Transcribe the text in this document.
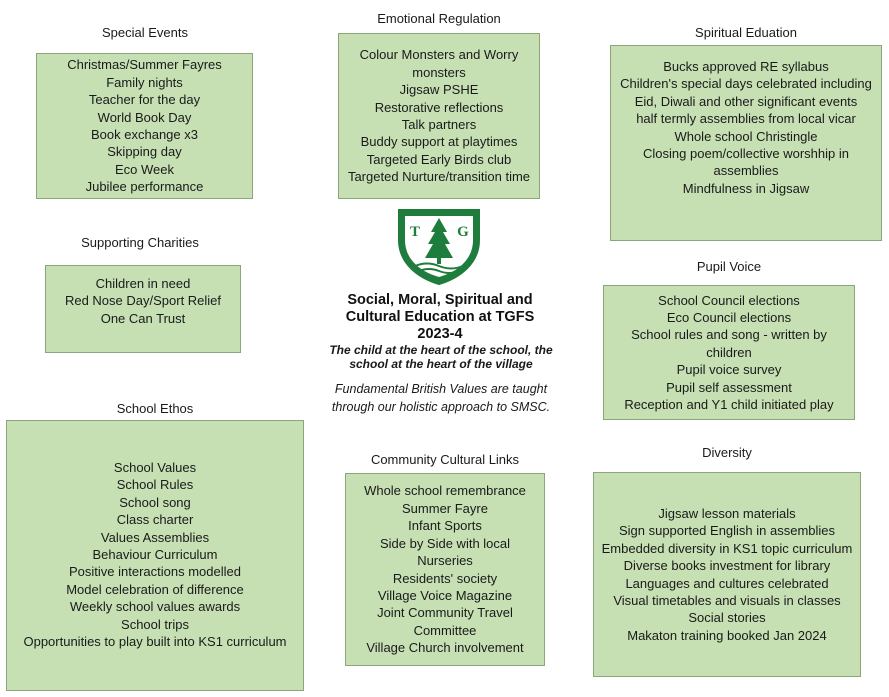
Special Events
Emotional Regulation
Spiritual Eduation
Supporting Charities
Pupil Voice
School Ethos
Community Cultural Links	Diversity
Christmas/Summer Fayres
Family nights
Teacher for the day
World Book Day
Book exchange x3
Skipping day
Eco Week
Jubilee performance
Colour Monsters and Worry monsters
Jigsaw PSHE
Restorative reflections
Talk partners
Buddy support at playtimes
Targeted Early Birds club
Targeted Nurture/transition time
Bucks approved RE syllabus
Children's special days celebrated including Eid, Diwali and other significant events
half termly assemblies from local vicar
Whole school Christingle
Closing poem/collective worshhip in assemblies
Mindfulness in Jigsaw
Children in need
Red Nose Day/Sport Relief
One Can Trust
School Council elections
Eco Council elections
School rules and song - written by children
Pupil voice survey
Pupil self assessment
Reception and Y1 child initiated play
School Values
School Rules
School song
Class charter
Values Assemblies
Behaviour Curriculum
Positive interactions modelled
Model celebration of difference
Weekly school values awards
School trips
Opportunities to play built into KS1 curriculum
Whole school remembrance
Summer Fayre
Infant Sports
Side by Side with local Nurseries
Residents' society
Village Voice Magazine
Joint Community Travel Committee
Village Church involvement
Jigsaw lesson materials
Sign supported English in assemblies
Embedded diversity in KS1 topic curriculum
Diverse books investment for library
Languages and cultures celebrated
Visual timetables and visuals in classes
Social stories
Makaton training booked Jan 2024
T G
Social, Moral, Spiritual and
Cultural Education at TGFS
2023-4
The child at the heart of the school, the
school at the heart of the village
Fundamental British Values are taught
through our holistic approach to SMSC.
